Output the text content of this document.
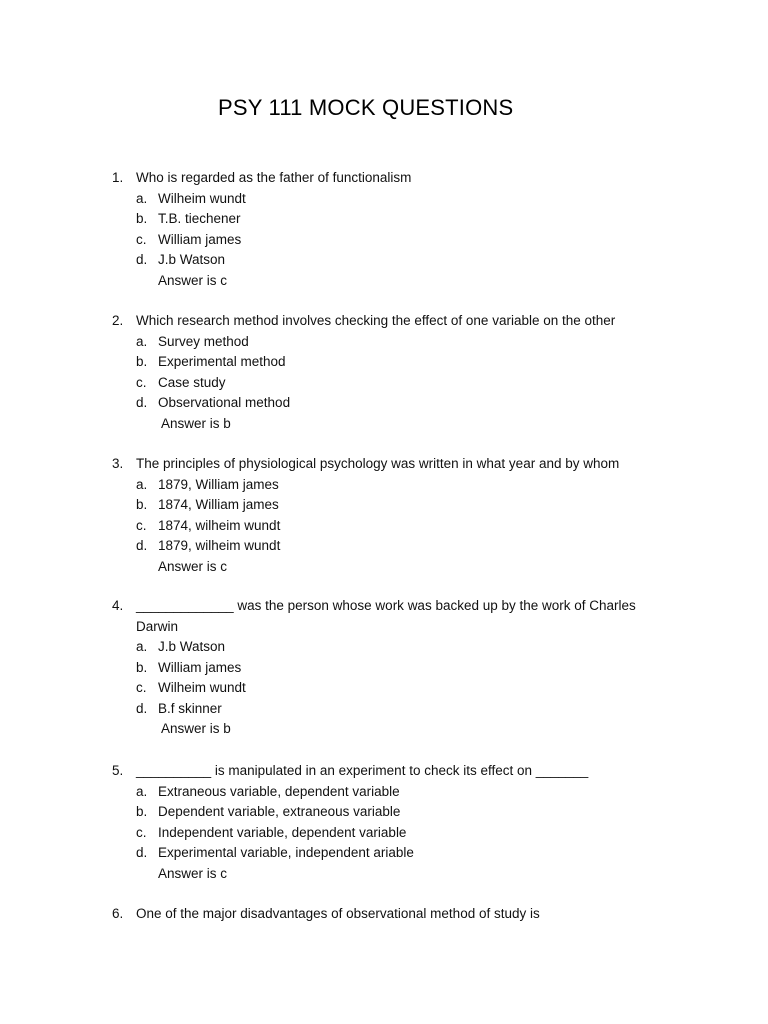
PSY 111 MOCK QUESTIONS
1. Who is regarded as the father of functionalism
a. Wilheim wundt
b. T.B. tiechener
c. William james
d. J.b Watson
Answer is c
2. Which research method involves checking the effect of one variable on the other
a. Survey method
b. Experimental method
c. Case study
d. Observational method
Answer is b
3. The principles of physiological psychology was written in what year and by whom
a. 1879, William james
b. 1874, William james
c. 1874, wilheim wundt
d. 1879, wilheim wundt
Answer is c
4. _____________ was the person whose work was backed up by the work of Charles Darwin
a. J.b Watson
b. William james
c. Wilheim wundt
d. B.f skinner
Answer is b
5. __________ is manipulated in an experiment to check its effect on _______
a. Extraneous variable, dependent variable
b. Dependent variable, extraneous variable
c. Independent variable, dependent variable
d. Experimental variable, independent ariable
Answer is c
6. One of the major disadvantages of observational method of study is
